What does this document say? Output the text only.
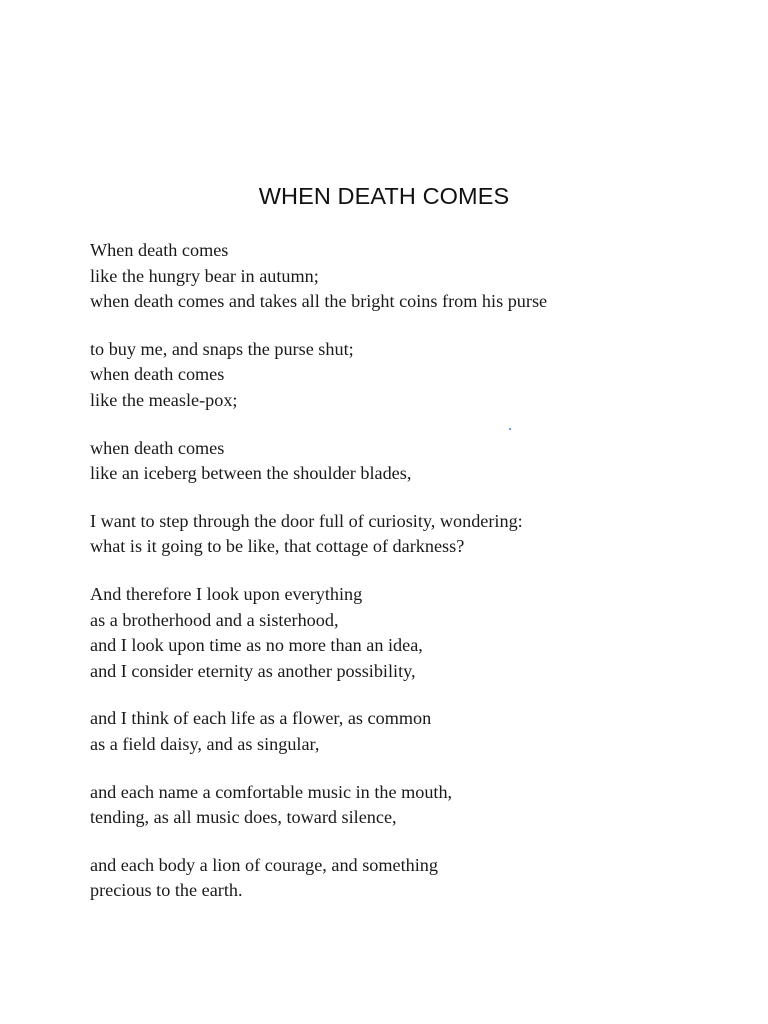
WHEN DEATH COMES
When death comes
like the hungry bear in autumn;
when death comes and takes all the bright coins from his purse
to buy me, and snaps the purse shut;
when death comes
like the measle-pox;
when death comes
like an iceberg between the shoulder blades,
I want to step through the door full of curiosity, wondering:
what is it going to be like, that cottage of darkness?
And therefore I look upon everything
as a brotherhood and a sisterhood,
and I look upon time as no more than an idea,
and I consider eternity as another possibility,
and I think of each life as a flower, as common
as a field daisy, and as singular,
and each name a comfortable music in the mouth,
tending, as all music does, toward silence,
and each body a lion of courage, and something
precious to the earth.
